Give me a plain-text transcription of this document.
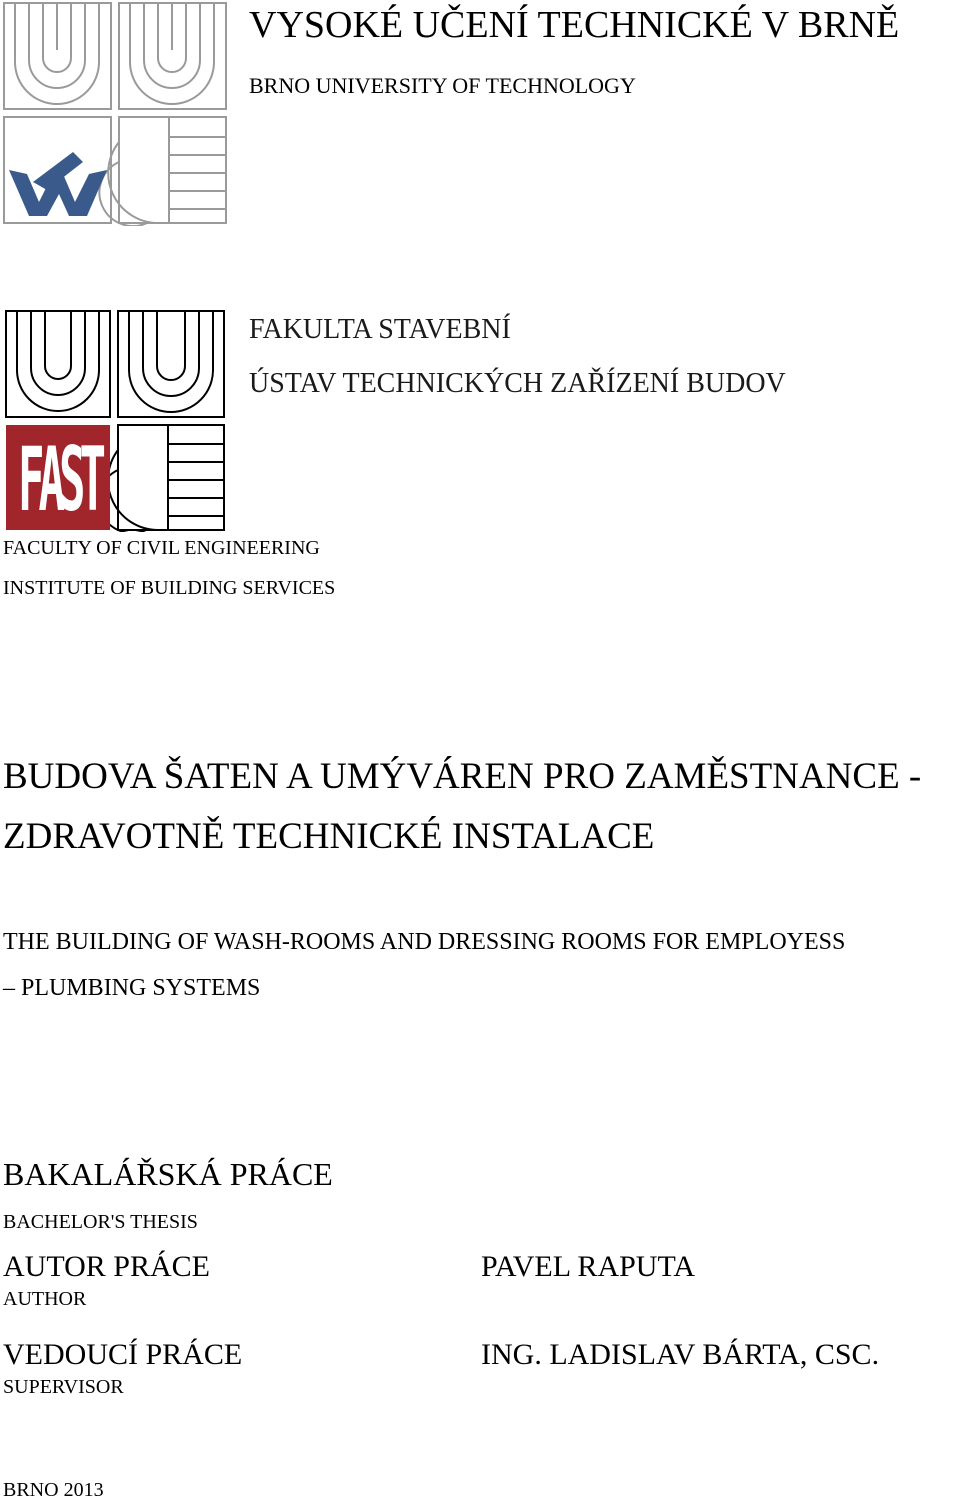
VYSOKÉ UČENÍ TECHNICKÉ V BRNĚ
BRNO UNIVERSITY OF TECHNOLOGY
FAST
FAKULTA STAVEBNÍ
ÚSTAV TECHNICKÝCH ZAŘÍZENÍ BUDOV
FACULTY OF CIVIL ENGINEERING
INSTITUTE OF BUILDING SERVICES
BUDOVA ŠATEN A UMÝVÁREN PRO ZAMĚSTNANCE -
ZDRAVOTNĚ TECHNICKÉ INSTALACE
THE BUILDING OF WASH-ROOMS AND DRESSING ROOMS FOR EMPLOYESS
– PLUMBING SYSTEMS
BAKALÁŘSKÁ PRÁCE
BACHELOR'S THESIS
AUTOR PRÁCE
AUTHOR
PAVEL RAPUTA
VEDOUCÍ PRÁCE
SUPERVISOR
ING. LADISLAV BÁRTA, CSC.
BRNO 2013
